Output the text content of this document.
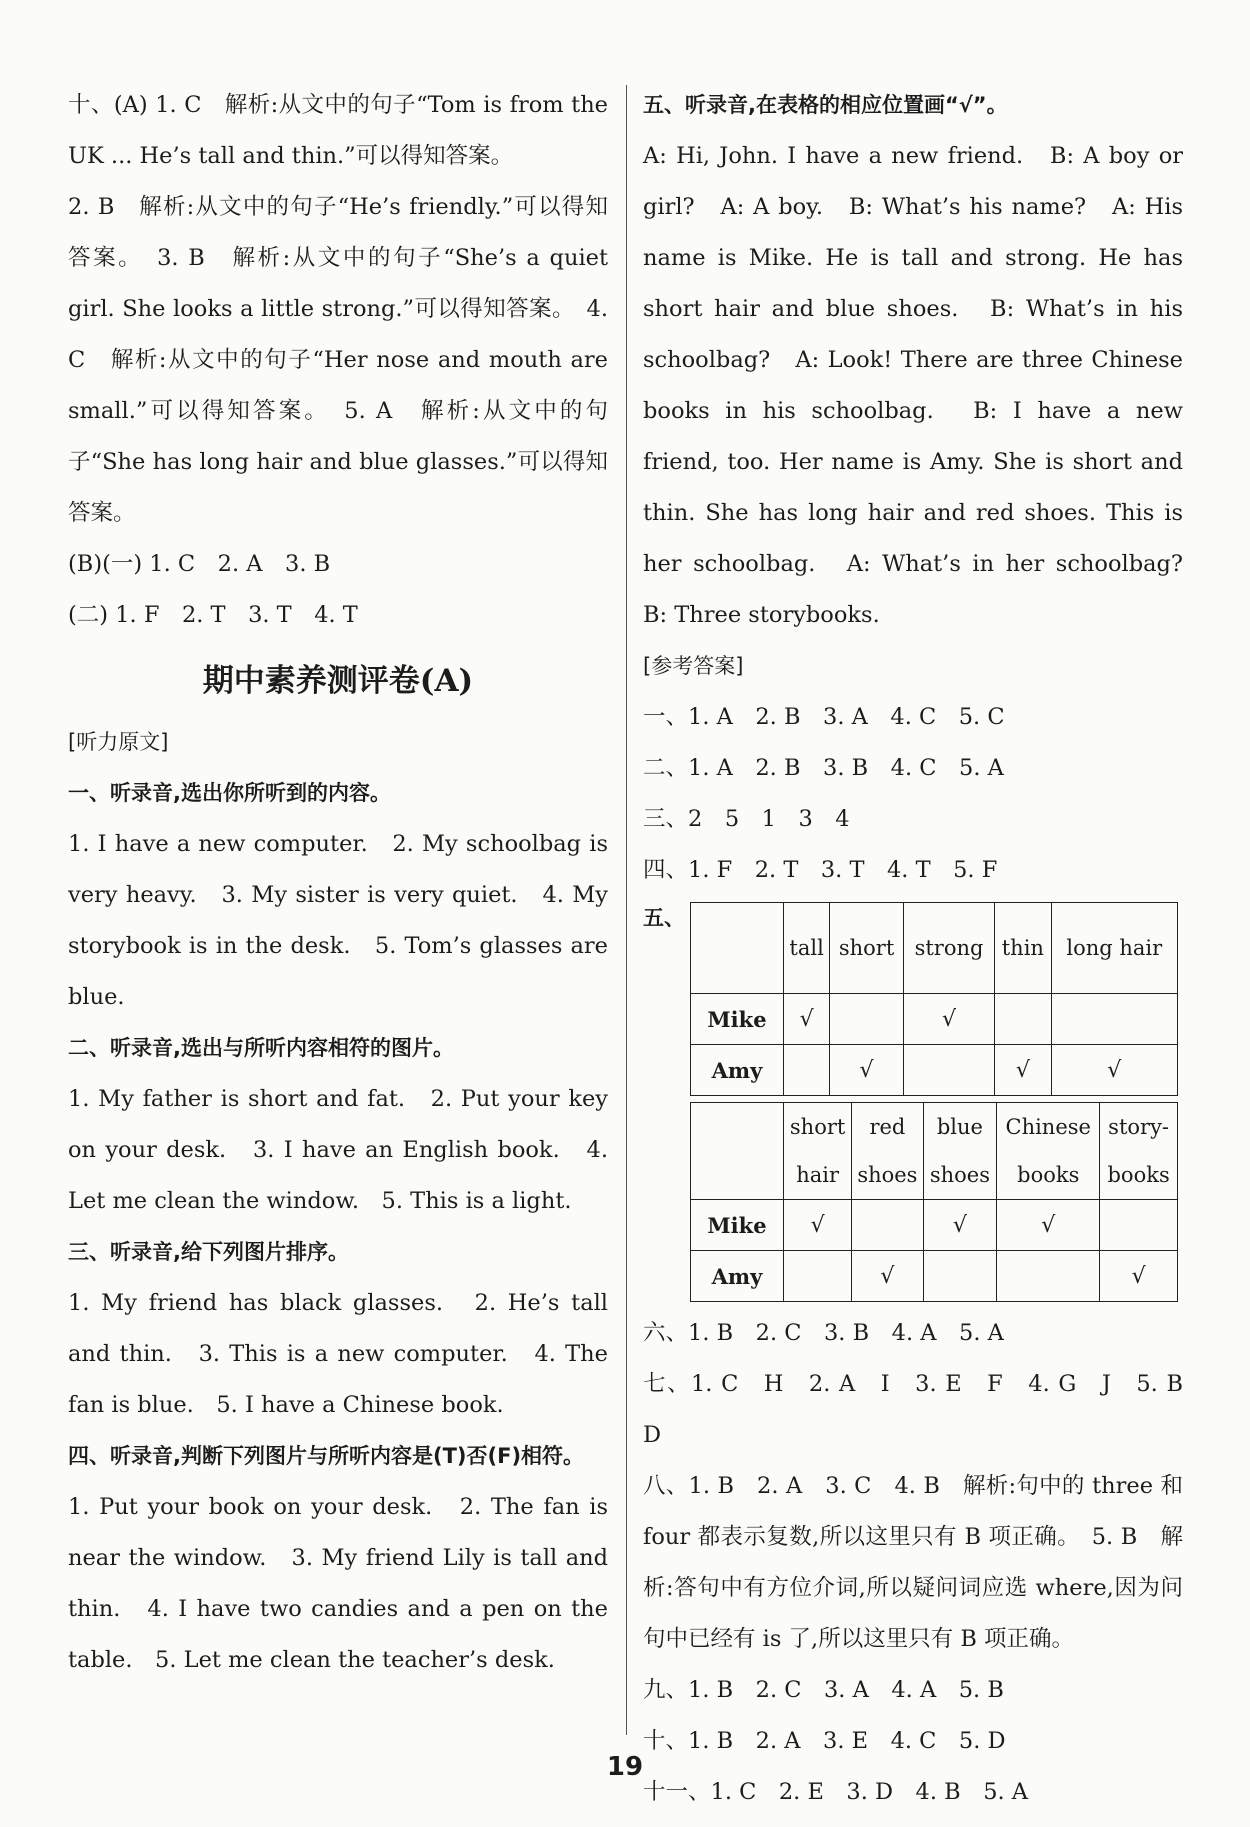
十、(A) 1. C　解析:从文中的句子“Tom is from the UK ... He’s tall and thin.”可以得知答案。

2. B　解析:从文中的句子“He’s friendly.”可以得知答案。　3. B　解析:从文中的句子“She’s a quiet girl. She looks a little strong.”可以得知答案。　4. C　解析:从文中的句子“Her nose and mouth are small.”可以得知答案。　5. A　解析:从文中的句子“She has long hair and blue glasses.”可以得知答案。

(B)(一) 1. C　2. A　3. B

(二) 1. F　2. T　3. T　4. T

期中素养测评卷(A)
[听力原文]
一、听录音,选出你所听到的内容。

1. I have a new computer.　2. My schoolbag is very heavy.　3. My sister is very quiet.　4. My storybook is in the desk.　5. Tom’s glasses are blue.

二、听录音,选出与所听内容相符的图片。

1. My father is short and fat.　2. Put your key on your desk.　3. I have an English book.　4. Let me clean the window.　5. This is a light.

三、听录音,给下列图片排序。

1. My friend has black glasses.　2. He’s tall and thin.　3. This is a new computer.　4. The fan is blue.　5. I have a Chinese book.

四、听录音,判断下列图片与所听内容是(T)否(F)相符。

1. Put your book on your desk.　2. The fan is near the window.　3. My friend Lily is tall and thin.　4. I have two candies and a pen on the table.　5. Let me clean the teacher’s desk.

五、听录音,在表格的相应位置画“√”。

A: Hi, John. I have a new friend.　B: A boy or girl?　A: A boy.　B: What’s his name?　A: His name is Mike. He is tall and strong. He has short hair and blue shoes.　B: What’s in his schoolbag?　A: Look! There are three Chinese books in his schoolbag.　B: I have a new friend, too. Her name is Amy. She is short and thin. She has long hair and red shoes. This is her schoolbag.　A: What’s in her schoolbag?　B: Three storybooks.

[参考答案]

一、1. A　2. B　3. A　4. C　5. C

二、1. A　2. B　3. B　4. C　5. A

三、2　5　1　3　4

四、1. F　2. T　3. T　4. T　5. F

五、
	tall	short	strong	thin	long hair
Mike	√		√		
Amy		√		√	√
	short hair	red shoes	blue shoes	Chinese books	story-books
Mike	√		√	√	
Amy		√			√

六、1. B　2. C　3. B　4. A　5. A

七、1. C　H　2. A　I　3. E　F　4. G　J　5. B　D

八、1. B　2. A　3. C　4. B　解析:句中的 three 和 four 都表示复数,所以这里只有 B 项正确。　5. B　解析:答句中有方位介词,所以疑问词应选 where,因为问句中已经有 is 了,所以这里只有 B 项正确。

九、1. B　2. C　3. A　4. A　5. B

十、1. B　2. A　3. E　4. C　5. D

十一、1. C　2. E　3. D　4. B　5. A

19
